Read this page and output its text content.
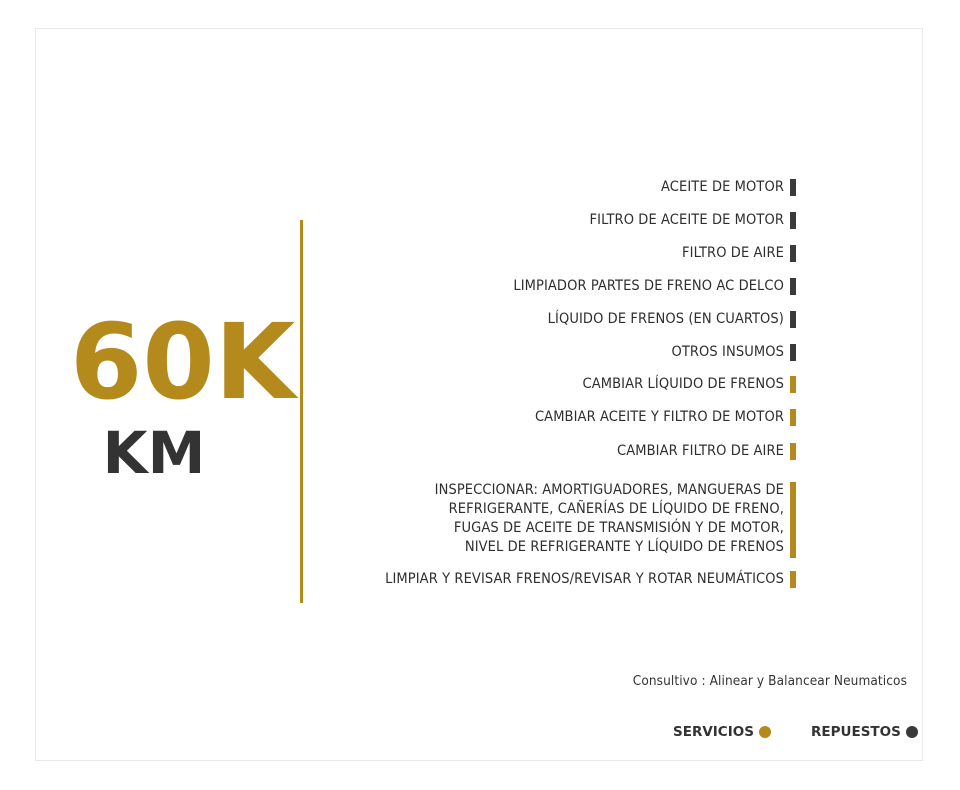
60K
KM
ACEITE DE MOTOR
FILTRO DE ACEITE DE MOTOR
FILTRO DE AIRE
LIMPIADOR PARTES DE FRENO AC DELCO
LÍQUIDO DE FRENOS (EN CUARTOS)
OTROS INSUMOS
CAMBIAR LÍQUIDO DE FRENOS
CAMBIAR ACEITE Y FILTRO DE MOTOR
CAMBIAR FILTRO DE AIRE
INSPECCIONAR: AMORTIGUADORES, MANGUERAS DE
REFRIGERANTE, CAÑERÍAS DE LÍQUIDO DE FRENO,
FUGAS DE ACEITE DE TRANSMISIÓN Y DE MOTOR,
NIVEL DE REFRIGERANTE Y LÍQUIDO DE FRENOS
LIMPIAR Y REVISAR FRENOS/REVISAR Y ROTAR NEUMÁTICOS
Consultivo : Alinear y Balancear Neumaticos
SERVICIOS	REPUESTOS
